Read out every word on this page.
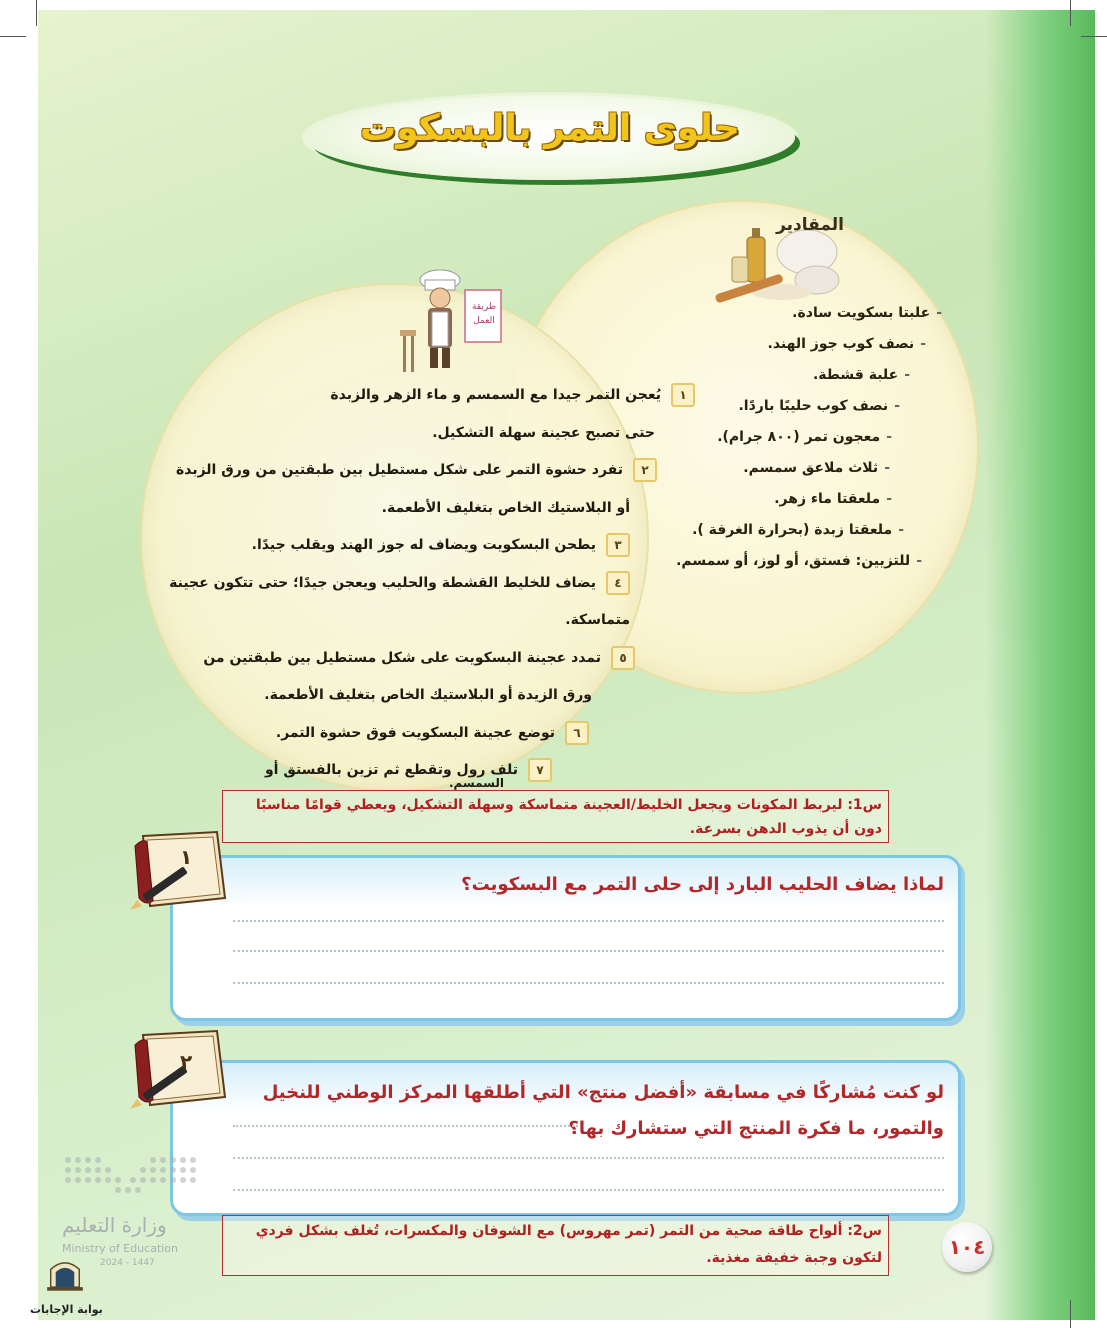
حلوى التمر بالبسكوت
المقادير
-علبتا بسكويت سادة.
-نصف كوب جوز الهند.
-علبة قشطة.
-نصف كوب حليبًا باردًا.
-معجون تمر (٨٠٠ جرام).
-ثلاث ملاعق سمسم.
-ملعقتا ماء زهر.
-ملعقتا زبدة (بحرارة الغرفة ).
-للتزيين: فستق، أو لوز، أو سمسم.
طريقة
العمل
١يُعجن التمر جيدا مع السمسم و ماء الزهر والزبدة
حتى تصبح عجينة سهلة التشكيل.
٢تفرد حشوة التمر على شكل مستطيل بين طبقتين من ورق الزبدة
أو البلاستيك الخاص بتغليف الأطعمة.
٣يطحن البسكويت ويضاف له جوز الهند ويقلب جيدًا.
٤يضاف للخليط القشطة والحليب ويعجن جيدًا؛ حتى تتكون عجينة
متماسكة.
٥تمدد عجينة البسكويت على شكل مستطيل بين طبقتين من
ورق الزيدة أو البلاستيك الخاص بتغليف الأطعمة.
٦توضع عجينة البسكويت فوق حشوة التمر.
٧تلف رول وتقطع ثم تزين بالفستق أو
السمسم.
س1: ليربط المكونات ويجعل الخليط/العجينة متماسكة وسهلة التشكيل، ويعطي قوامًا مناسبًا دون أن يذوب الدهن بسرعة.
لماذا يضاف الحليب البارد إلى حلى التمر مع البسكويت؟
١
لو كنت مُشاركًا في مسابقة «أفضل منتج» التي أطلقها المركز الوطني للنخيل والتمور، ما فكرة المنتج التي ستشارك بها؟
٢
س2: ألواح طاقة صحية من التمر (تمر مهروس) مع الشوفان والمكسرات، تُغلف بشكل فردي لتكون وجبة خفيفة مغذية.	١٠٤
وزارة التعليم
Ministry of Education
2024 - 1447
بوابة الإجابات
